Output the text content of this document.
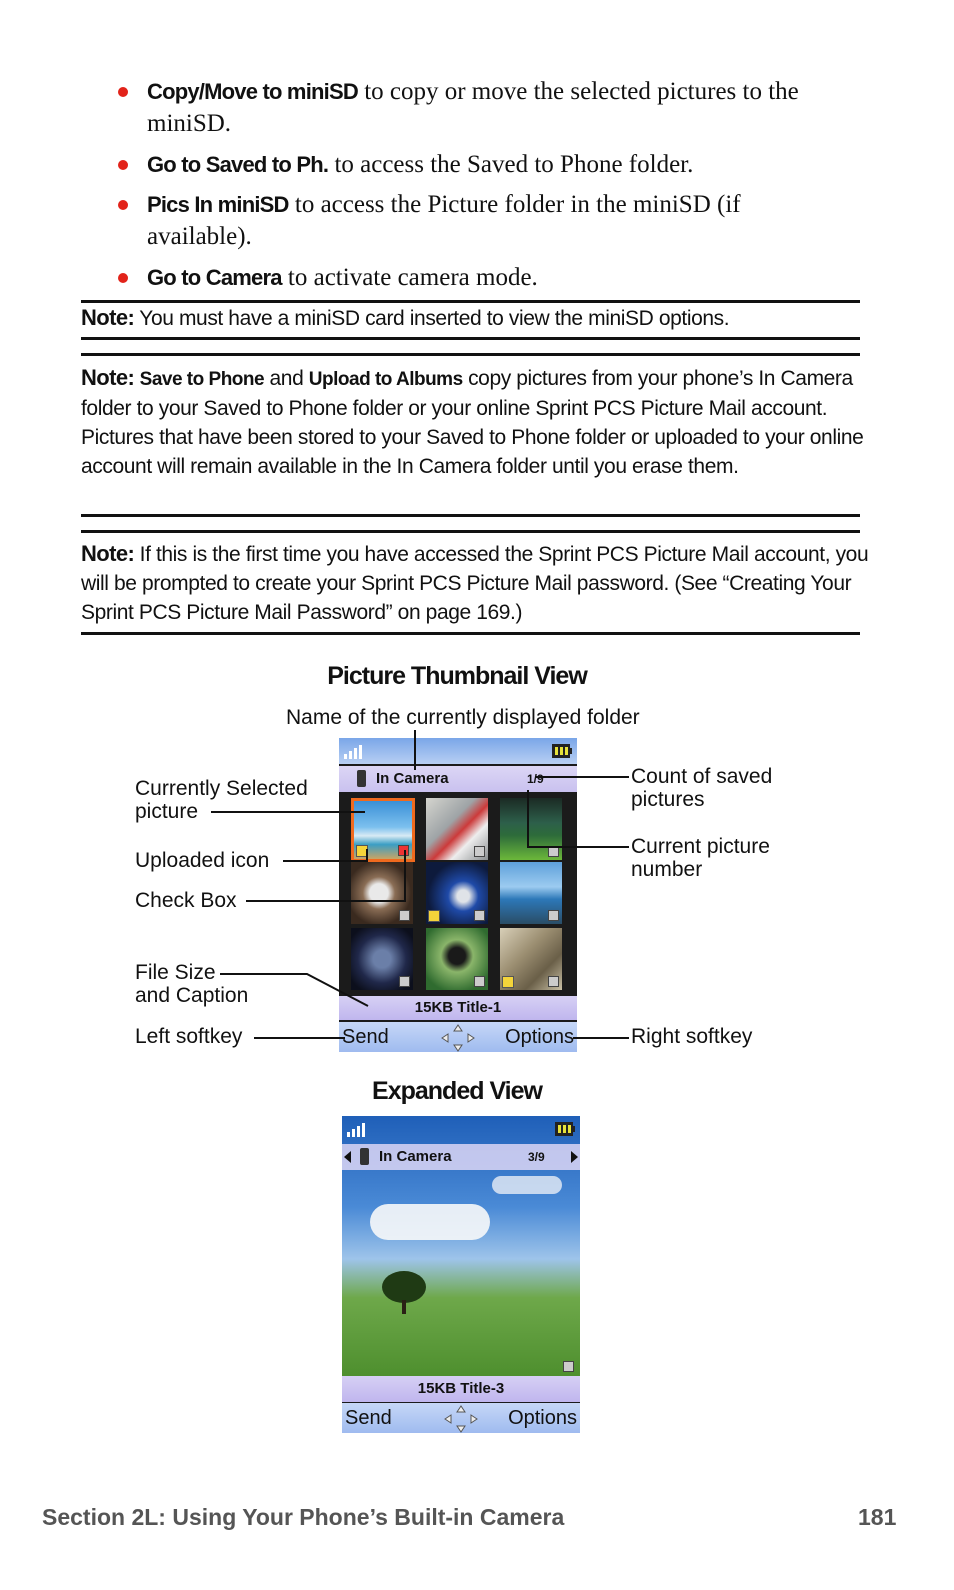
Copy/Move to miniSD to copy or move the selected pictures to the miniSD.
Go to Saved to Ph. to access the Saved to Phone folder.
Pics In miniSD to access the Picture folder in the miniSD (if available).
Go to Camera to activate camera mode.
Note: You must have a miniSD card inserted to view the miniSD options.
Note: Save to Phone and Upload to Albums copy pictures from your phone’s In Camera folder to your Saved to Phone folder or your online Sprint PCS Picture Mail account. Pictures that have been stored to your Saved to Phone folder or uploaded to your online account will remain available in the In Camera folder until you erase them.
Note: If this is the first time you have accessed the Sprint PCS Picture Mail account, you will be prompted to create your Sprint PCS Picture Mail password. (See “Creating Your Sprint PCS Picture Mail Password” on page 169.)
Picture Thumbnail View
Name of the currently displayed folder
Currently Selected
picture
Uploaded icon
Check Box
File Size
and Caption
Left softkey
Count of saved
pictures
Current picture
number
Right softkey
In Camera	1/9
15KB Title-1
Send	Options
Expanded View
In Camera	3/9
15KB Title-3
Send	Options
Section 2L: Using Your Phone’s Built-in Camera	181
